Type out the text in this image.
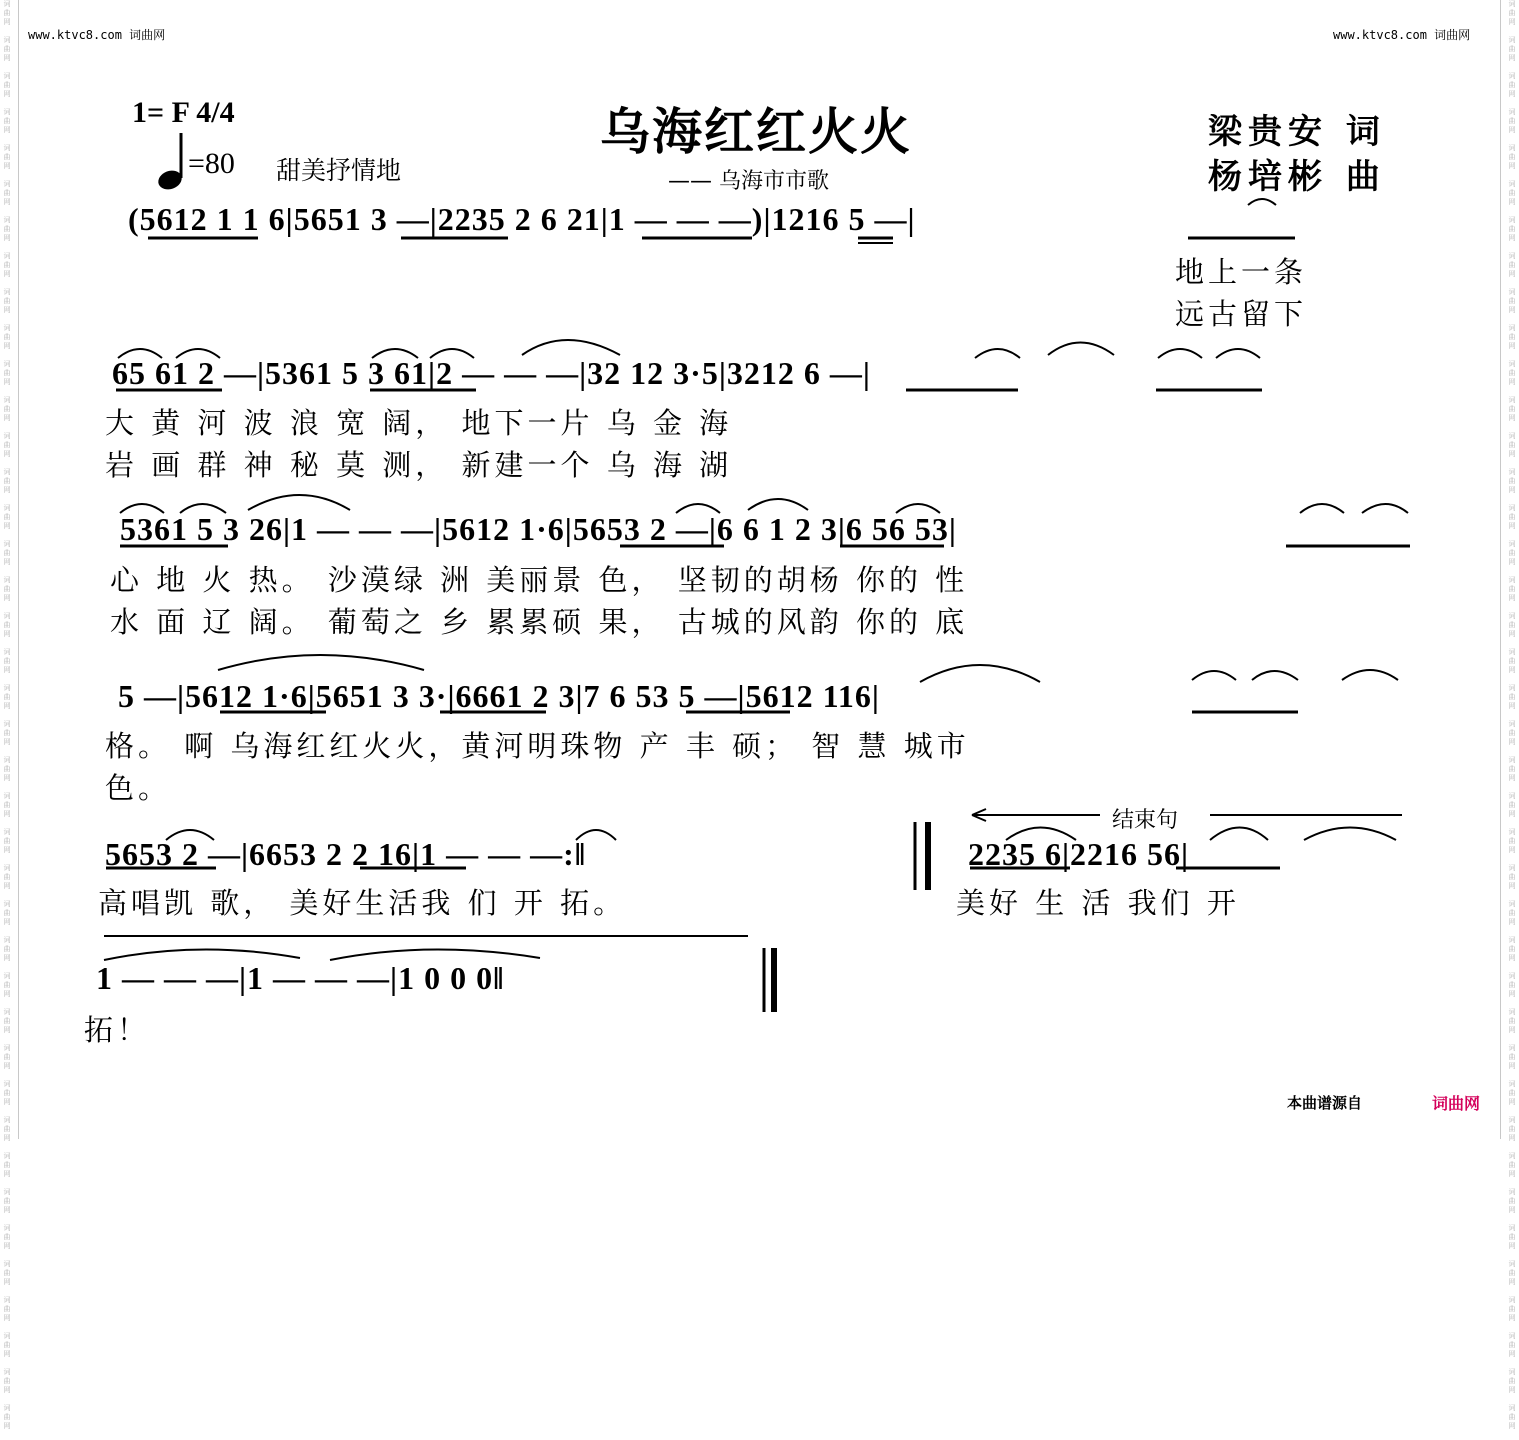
词
曲
网

词
曲
网

词
曲
网

词
曲
网

词
曲
网

词
曲
网

词
曲
网

词
曲
网

词
曲
网

词
曲
网

词
曲
网

词
曲
网

词
曲
网

词
曲
网

词
曲
网

词
曲
网

词
曲
网

词
曲
网

词
曲
网

词
曲
网

词
曲
网

词
曲
网

词
曲
网

词
曲
网

词
曲
网

词
曲
网

词
曲
网

词
曲
网

词
曲
网

词
曲
网

词
曲
网

词
曲
网

词
曲
网

词
曲
网

词
曲
网

词
曲
网

词
曲
网

词
曲
网

词
曲
网

词
曲
网

词
曲
网

词
曲
网

词
曲
网

词
曲
网

词
曲
网

词
曲
网

词
曲
网

词
曲
网

词
曲
网

词
曲
网

词
曲
网

词
曲
网

词
曲
网

词
曲
网

词
曲
网

词
曲
网

词
曲
网

词
曲
网

词
曲
网

词
曲
网

词
曲
网

词
曲
网

词
曲
网

词
曲
网

词
曲
网

词
曲
网

词
曲
网

词
曲
网

词
曲
网

词
曲
网

词
曲
网

词
曲
网

词
曲
网

词
曲
网

词
曲
网

词
曲
网

词
曲
网

词
曲
网

词
曲
网

词
曲
网

www.ktvc8.com 词曲网	www.ktvc8.com 词曲网
1= F 4/4
=80 甜美抒情地
乌海红红火火
—— 乌海市市歌
梁贵安 词
杨培彬 曲
(5612 1 1 6|5651 3 —|2235 2 6 21|1 — — —)|1216 5 —|
地上一条
远古留下
65 61 2 —|5361 5 3 61|2 — — —|32 12 3·5|3212 6 —|
大 黄 河 波 浪 宽 阔， 地下一片 乌 金 海
岩 画 群 神 秘 莫 测， 新建一个 乌 海 湖
5361 5 3 26|1 — — —|5612 1·6|5653 2 —|6 6 1 2 3|6 56 53|
心 地 火 热。 沙漠绿 洲 美丽景 色， 坚韧的胡杨 你的 性
水 面 辽 阔。 葡萄之 乡 累累硕 果， 古城的风韵 你的 底
5 —|5612 1·6|5651 3 3·|6661 2 3|7 6 53 5 —|5612 116|
格。 啊 乌海红红火火，黄河明珠物 产 丰 硕； 智 慧 城市
色。
5653 2 —|6653 2 2 16|1 — — —:‖
高唱凯 歌， 美好生活我 们 开 拓。
结束句
2235 6|2216 56|
美好 生 活 我们 开
1 — — —|1 — — —|1 0 0 0‖
拓！
本曲谱源自	词曲网
